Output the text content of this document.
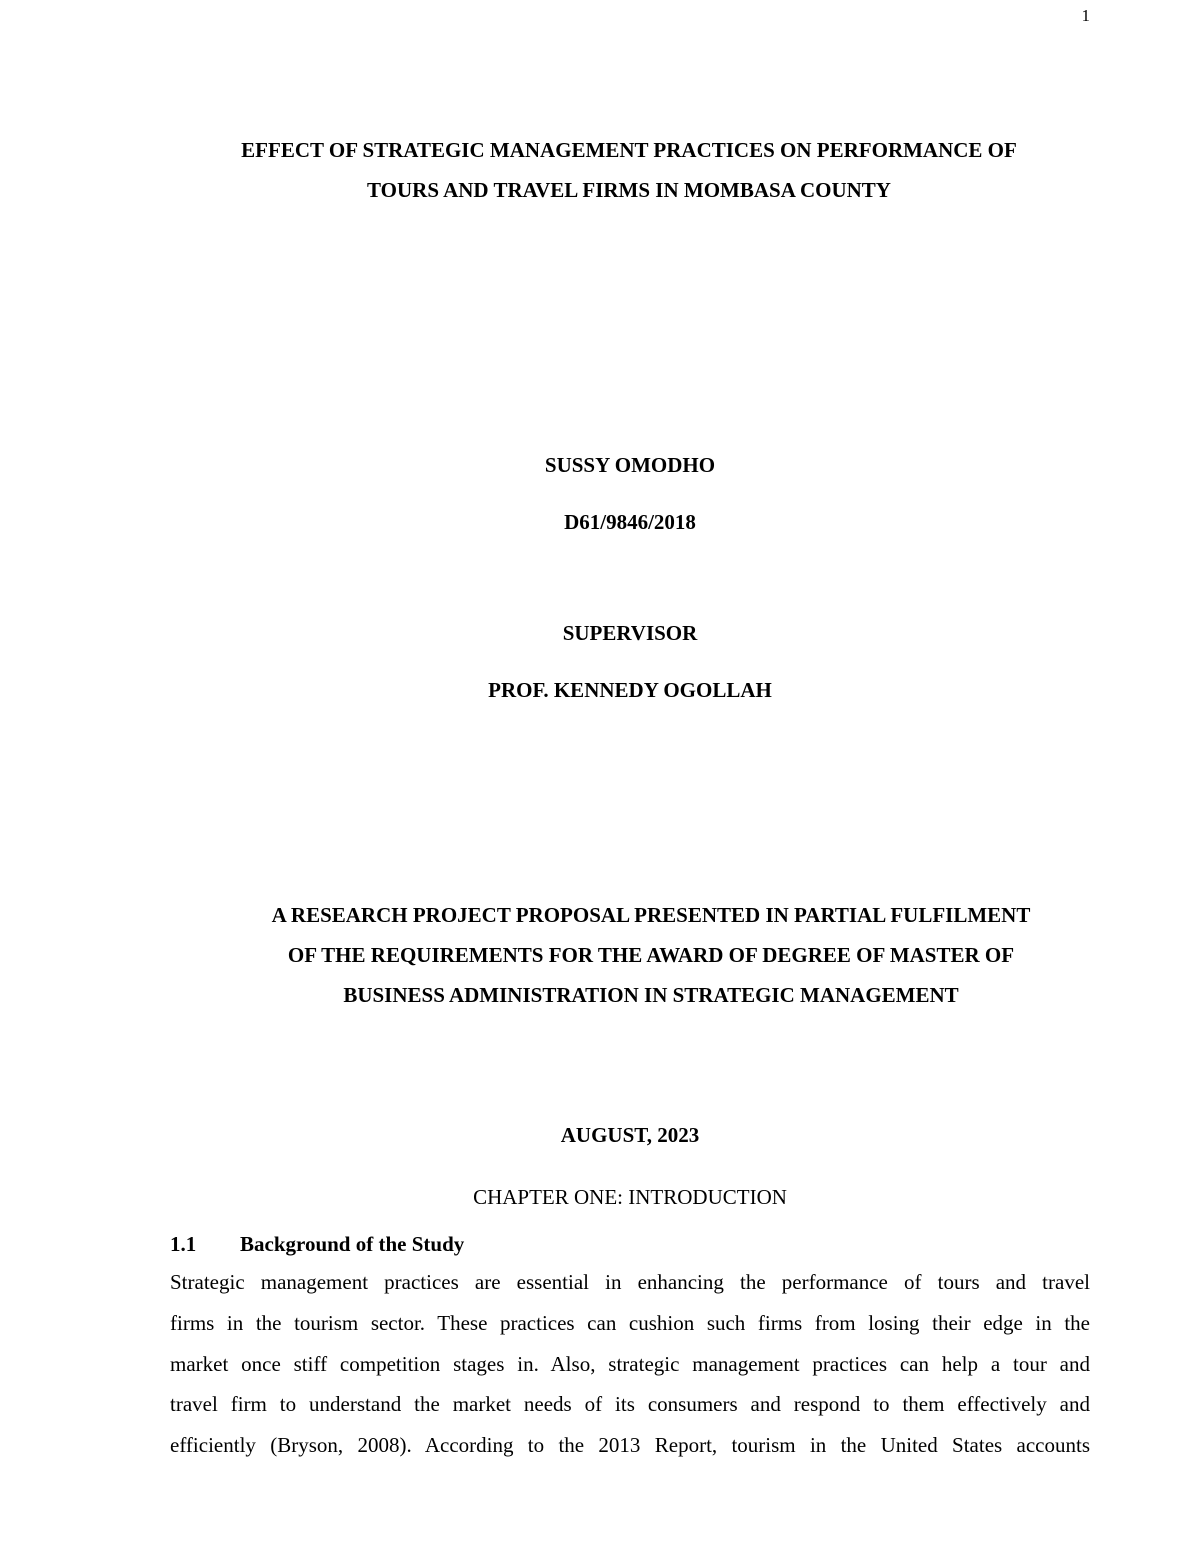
1
EFFECT OF STRATEGIC MANAGEMENT PRACTICES ON PERFORMANCE OF
TOURS AND TRAVEL FIRMS IN MOMBASA COUNTY
SUSSY OMODHO
D61/9846/2018
SUPERVISOR
PROF. KENNEDY OGOLLAH
A RESEARCH PROJECT PROPOSAL PRESENTED IN PARTIAL FULFILMENT
OF THE REQUIREMENTS FOR THE AWARD OF DEGREE OF MASTER OF
BUSINESS ADMINISTRATION IN STRATEGIC MANAGEMENT
AUGUST, 2023
CHAPTER ONE: INTRODUCTION
1.1 Background of the Study
Strategic management practices are essential in enhancing the performance of tours and travel
firms in the tourism sector. These practices can cushion such firms from losing their edge in the
market once stiff competition stages in. Also, strategic management practices can help a tour and
travel firm to understand the market needs of its consumers and respond to them effectively and
efficiently (Bryson, 2008). According to the 2013 Report, tourism in the United States accounts
